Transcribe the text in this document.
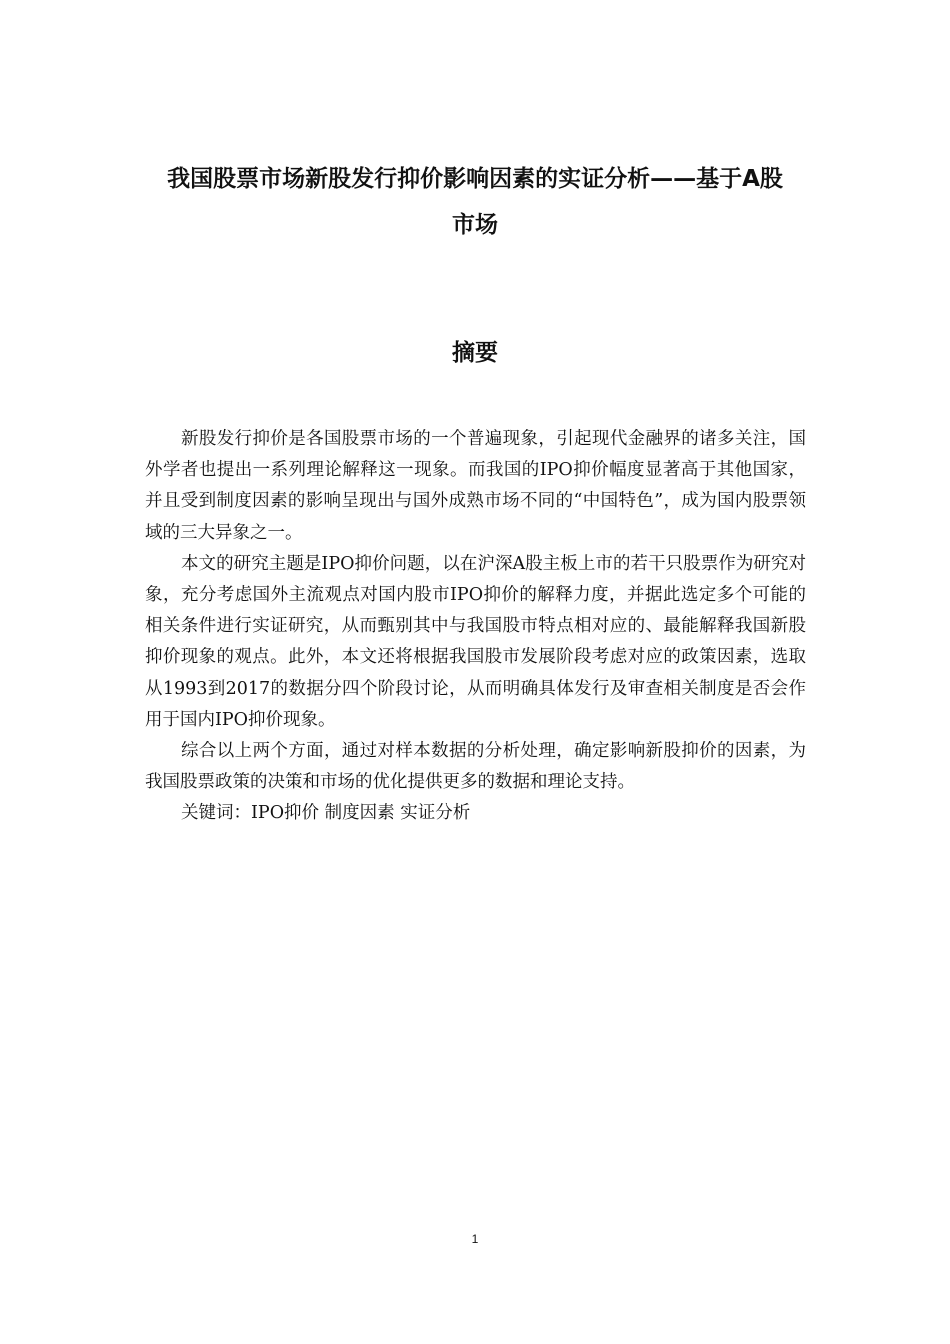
我国股票市场新股发行抑价影响因素的实证分析——基于A股
市场
摘要

新股发行抑价是各国股票市场的一个普遍现象，引起现代金融界的诸多关注，国外学者也提出一系列理论解释这一现象。而我国的IPO抑价幅度显著高于其他国家，并且受到制度因素的影响呈现出与国外成熟市场不同的“中国特色”，成为国内股票领域的三大异象之一。

本文的研究主题是IPO抑价问题，以在沪深A股主板上市的若干只股票作为研究对象，充分考虑国外主流观点对国内股市IPO抑价的解释力度，并据此选定多个可能的相关条件进行实证研究，从而甄别其中与我国股市特点相对应的、最能解释我国新股抑价现象的观点。此外，本文还将根据我国股市发展阶段考虑对应的政策因素，选取从1993到2017的数据分四个阶段讨论，从而明确具体发行及审查相关制度是否会作用于国内IPO抑价现象。

综合以上两个方面，通过对样本数据的分析处理，确定影响新股抑价的因素，为我国股票政策的决策和市场的优化提供更多的数据和理论支持。

关键词：IPO抑价 制度因素 实证分析

1
